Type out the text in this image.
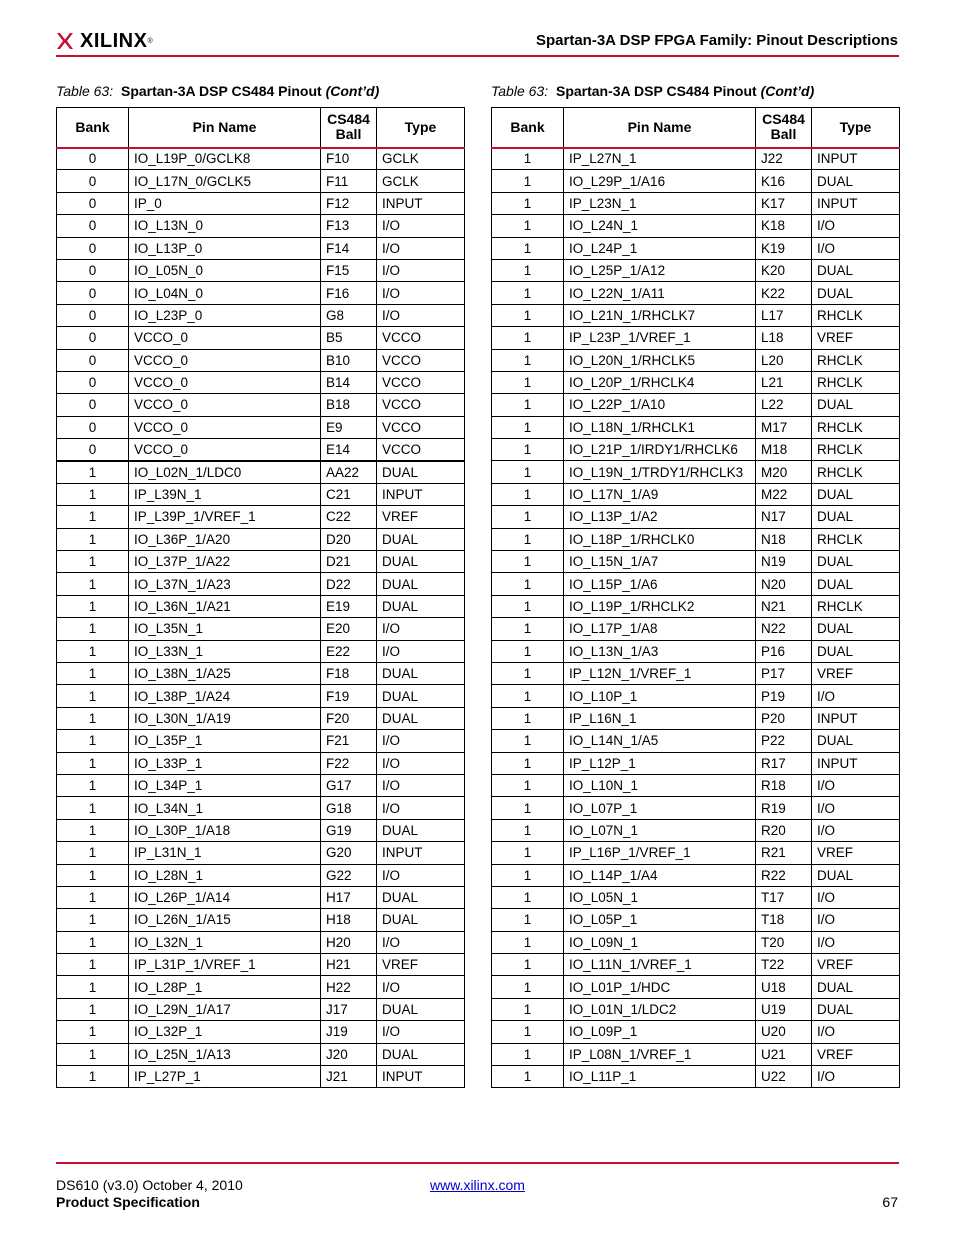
XILINX ®	Spartan-3A DSP FPGA Family: Pinout Descriptions
Table 63: Spartan-3A DSP CS484 Pinout (Cont’d)
Bank	Pin Name	CS484 Ball	Type
0	IO_L19P_0/GCLK8	F10	GCLK
0	IO_L17N_0/GCLK5	F11	GCLK
0	IP_0	F12	INPUT
0	IO_L13N_0	F13	I/O
0	IO_L13P_0	F14	I/O
0	IO_L05N_0	F15	I/O
0	IO_L04N_0	F16	I/O
0	IO_L23P_0	G8	I/O
0	VCCO_0	B5	VCCO
0	VCCO_0	B10	VCCO
0	VCCO_0	B14	VCCO
0	VCCO_0	B18	VCCO
0	VCCO_0	E9	VCCO
0	VCCO_0	E14	VCCO
1	IO_L02N_1/LDC0	AA22	DUAL
1	IP_L39N_1	C21	INPUT
1	IP_L39P_1/VREF_1	C22	VREF
1	IO_L36P_1/A20	D20	DUAL
1	IO_L37P_1/A22	D21	DUAL
1	IO_L37N_1/A23	D22	DUAL
1	IO_L36N_1/A21	E19	DUAL
1	IO_L35N_1	E20	I/O
1	IO_L33N_1	E22	I/O
1	IO_L38N_1/A25	F18	DUAL
1	IO_L38P_1/A24	F19	DUAL
1	IO_L30N_1/A19	F20	DUAL
1	IO_L35P_1	F21	I/O
1	IO_L33P_1	F22	I/O
1	IO_L34P_1	G17	I/O
1	IO_L34N_1	G18	I/O
1	IO_L30P_1/A18	G19	DUAL
1	IP_L31N_1	G20	INPUT
1	IO_L28N_1	G22	I/O
1	IO_L26P_1/A14	H17	DUAL
1	IO_L26N_1/A15	H18	DUAL
1	IO_L32N_1	H20	I/O
1	IP_L31P_1/VREF_1	H21	VREF
1	IO_L28P_1	H22	I/O
1	IO_L29N_1/A17	J17	DUAL
1	IO_L32P_1	J19	I/O
1	IO_L25N_1/A13	J20	DUAL
1	IP_L27P_1	J21	INPUT
Table 63: Spartan-3A DSP CS484 Pinout (Cont’d)
Bank	Pin Name	CS484 Ball	Type
1	IP_L27N_1	J22	INPUT
1	IO_L29P_1/A16	K16	DUAL
1	IP_L23N_1	K17	INPUT
1	IO_L24N_1	K18	I/O
1	IO_L24P_1	K19	I/O
1	IO_L25P_1/A12	K20	DUAL
1	IO_L22N_1/A11	K22	DUAL
1	IO_L21N_1/RHCLK7	L17	RHCLK
1	IP_L23P_1/VREF_1	L18	VREF
1	IO_L20N_1/RHCLK5	L20	RHCLK
1	IO_L20P_1/RHCLK4	L21	RHCLK
1	IO_L22P_1/A10	L22	DUAL
1	IO_L18N_1/RHCLK1	M17	RHCLK
1	IO_L21P_1/IRDY1/RHCLK6	M18	RHCLK
1	IO_L19N_1/TRDY1/RHCLK3	M20	RHCLK
1	IO_L17N_1/A9	M22	DUAL
1	IO_L13P_1/A2	N17	DUAL
1	IO_L18P_1/RHCLK0	N18	RHCLK
1	IO_L15N_1/A7	N19	DUAL
1	IO_L15P_1/A6	N20	DUAL
1	IO_L19P_1/RHCLK2	N21	RHCLK
1	IO_L17P_1/A8	N22	DUAL
1	IO_L13N_1/A3	P16	DUAL
1	IP_L12N_1/VREF_1	P17	VREF
1	IO_L10P_1	P19	I/O
1	IP_L16N_1	P20	INPUT
1	IO_L14N_1/A5	P22	DUAL
1	IP_L12P_1	R17	INPUT
1	IO_L10N_1	R18	I/O
1	IO_L07P_1	R19	I/O
1	IO_L07N_1	R20	I/O
1	IP_L16P_1/VREF_1	R21	VREF
1	IO_L14P_1/A4	R22	DUAL
1	IO_L05N_1	T17	I/O
1	IO_L05P_1	T18	I/O
1	IO_L09N_1	T20	I/O
1	IO_L11N_1/VREF_1	T22	VREF
1	IO_L01P_1/HDC	U18	DUAL
1	IO_L01N_1/LDC2	U19	DUAL
1	IO_L09P_1	U20	I/O
1	IP_L08N_1/VREF_1	U21	VREF
1	IO_L11P_1	U22	I/O
DS610 (v3.0) October 4, 2010
Product Specification
www.xilinx.com
67
